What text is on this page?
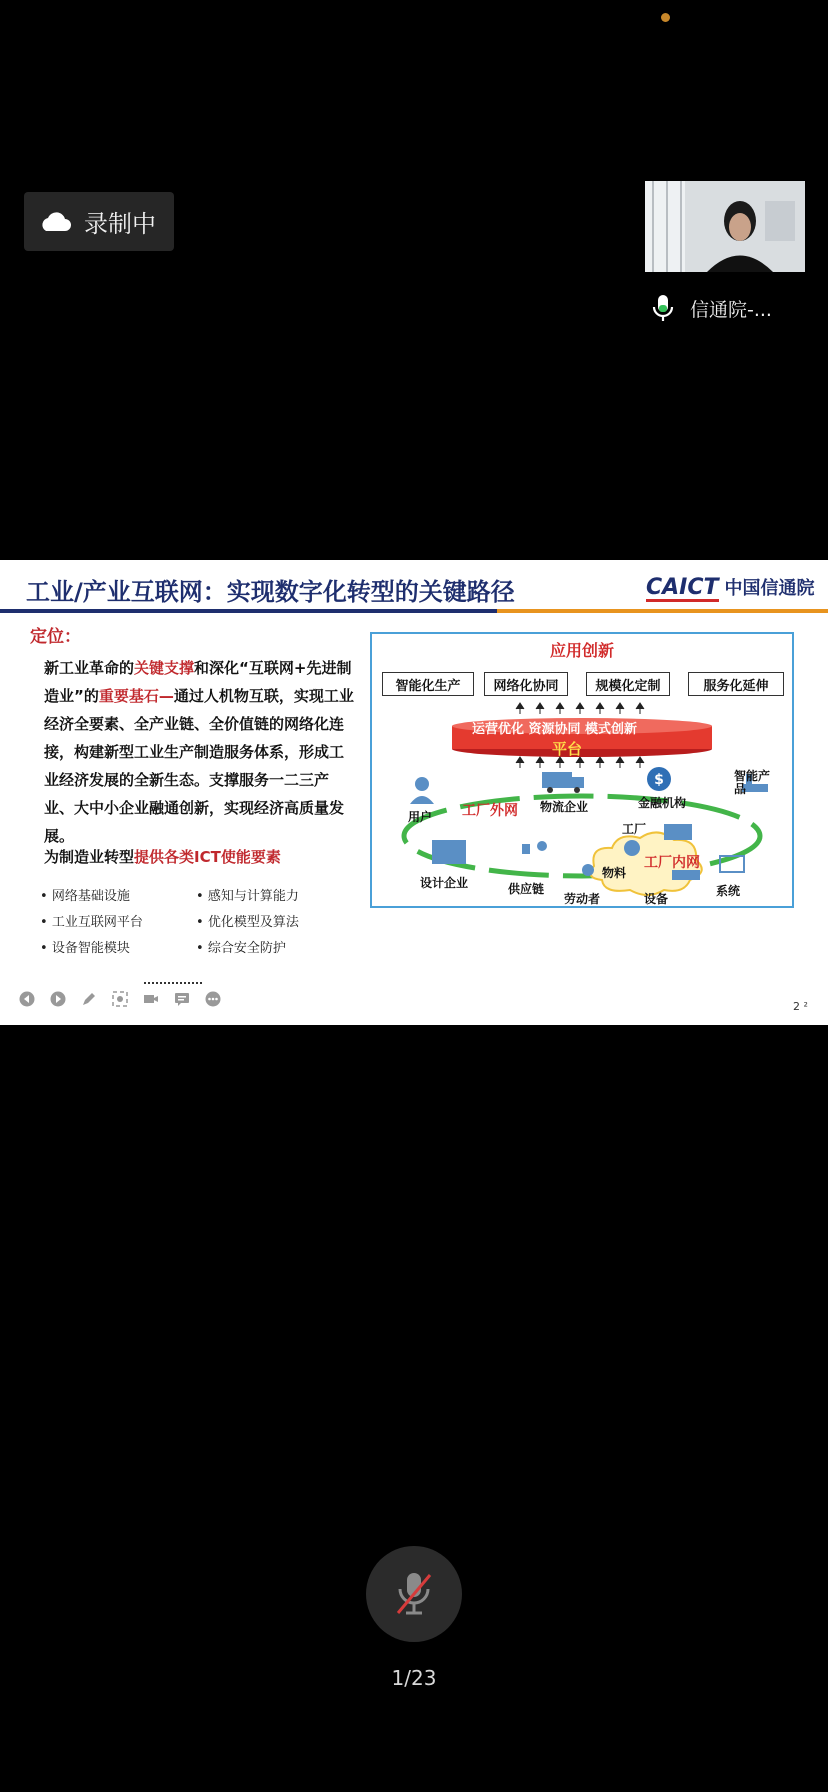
录制中
信通院-...
工业/产业互联网：实现数字化转型的关键路径	CAICT 中国信通院
定位：
新工业革命的关键支撑和深化“互联网+先进制造业”的重要基石—通过人机物互联，实现工业经济全要素、全产业链、全价值链的网络化连接，构建新型工业生产制造服务体系，形成工业经济发展的全新生态。支撑服务一二三产业、大中小企业融通创新，实现经济高质量发展。
为制造业转型提供各类ICT使能要素
• 网络基础设施
• 工业互联网平台
• 设备智能模块
• 感知与计算能力
• 优化模型及算法
• 综合安全防护
$
应用创新
智能化生产	网络化协同	规模化定制	服务化延伸
运营优化 资源协同 模式创新
平台
工厂外网
工厂内网
用户
物流企业	金融机构
智能产品
工厂
设计企业	供应链
物料
劳动者	设备
系统
2 ²
1/23
